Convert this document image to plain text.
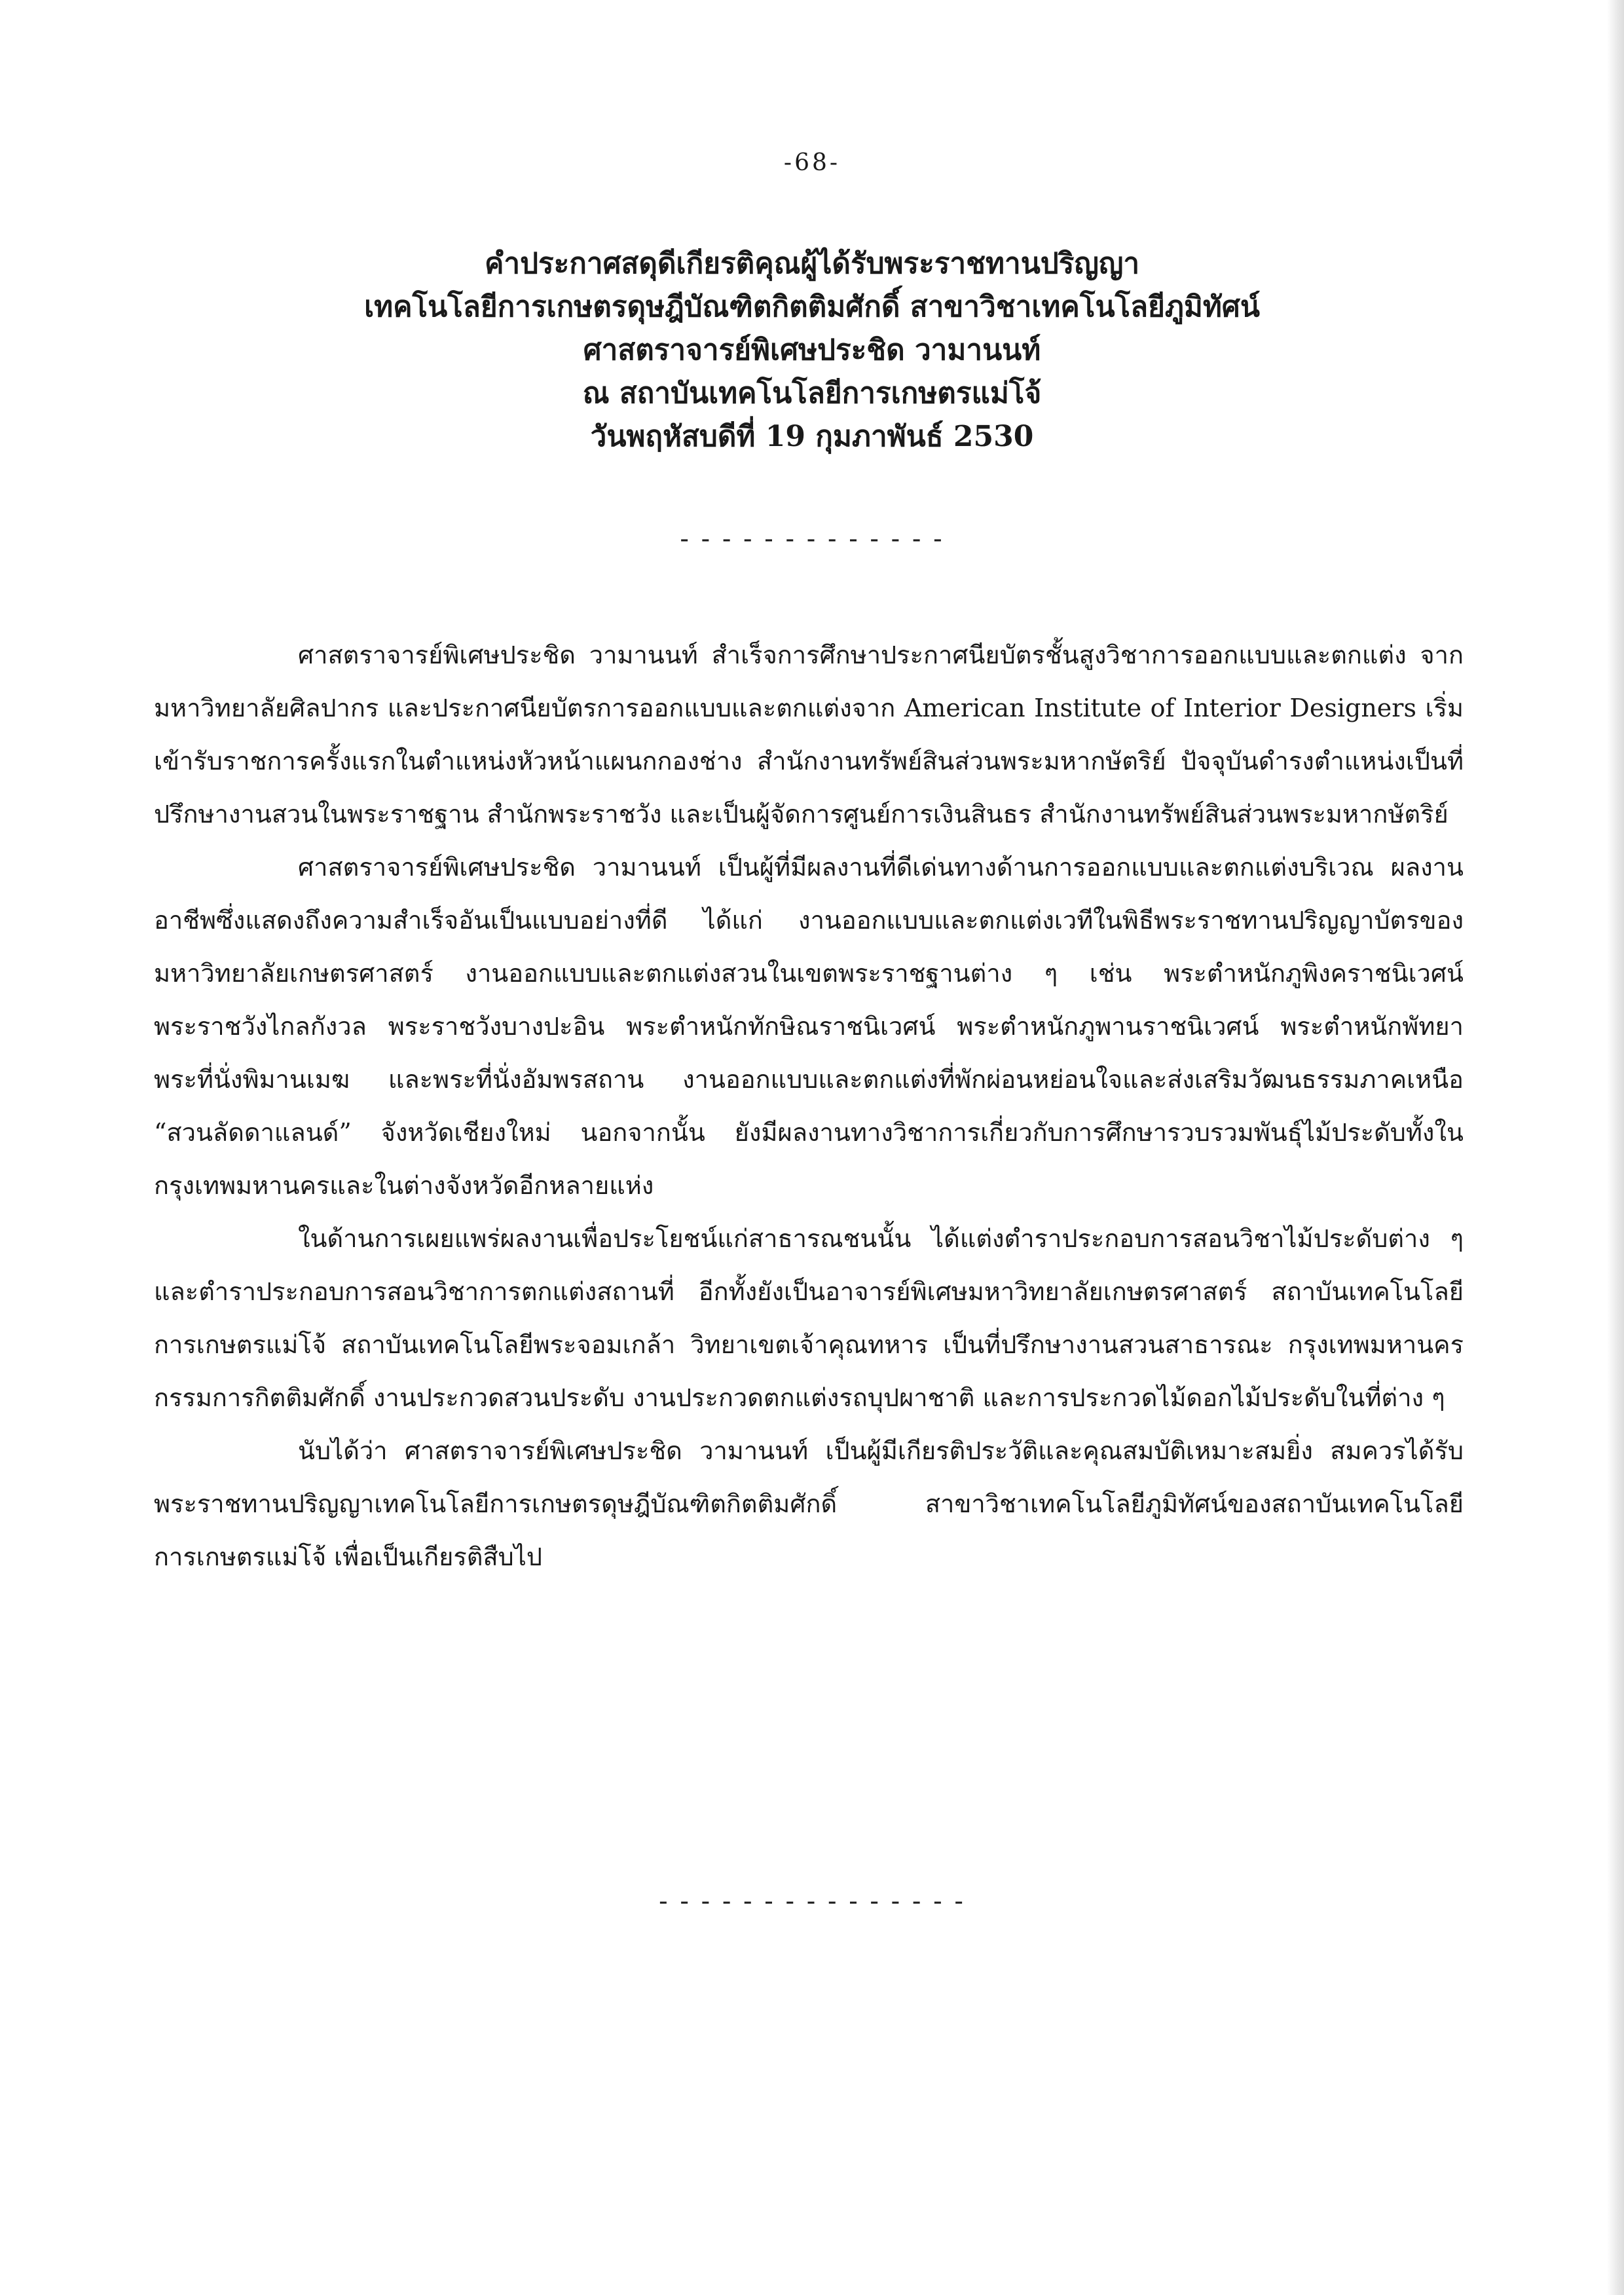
-68-
คำประกาศสดุดีเกียรติคุณผู้ได้รับพระราชทานปริญญา
เทคโนโลยีการเกษตรดุษฎีบัณฑิตกิตติมศักดิ์ สาขาวิชาเทคโนโลยีภูมิทัศน์
ศาสตราจารย์พิเศษประชิด วามานนท์
ณ สถาบันเทคโนโลยีการเกษตรแม่โจ้
วันพฤหัสบดีที่ 19 กุมภาพันธ์ 2530
- - - - - - - - - - - - -

ศาสตราจารย์พิเศษประชิด วามานนท์ สำเร็จการศึกษาประกาศนียบัตรชั้นสูงวิชาการออกแบบและตกแต่ง จากมหาวิทยาลัยศิลปากร และประกาศนียบัตรการออกแบบและตกแต่งจาก American Institute of Interior Designers เริ่มเข้ารับราชการครั้งแรกในตำแหน่งหัวหน้าแผนกกองช่าง สำนักงานทรัพย์สินส่วนพระมหากษัตริย์ ปัจจุบันดำรงตำแหน่งเป็นที่ปรึกษางานสวนในพระราชฐาน สำนักพระราชวัง และเป็นผู้จัดการศูนย์การเงินสินธร สำนักงานทรัพย์สินส่วนพระมหากษัตริย์

ศาสตราจารย์พิเศษประชิด วามานนท์ เป็นผู้ที่มีผลงานที่ดีเด่นทางด้านการออกแบบและตกแต่งบริเวณ ผลงานอาชีพซึ่งแสดงถึงความสำเร็จอันเป็นแบบอย่างที่ดี ได้แก่ งานออกแบบและตกแต่งเวทีในพิธีพระราชทานปริญญาบัตรของมหาวิทยาลัยเกษตรศาสตร์ งานออกแบบและตกแต่งสวนในเขตพระราชฐานต่าง ๆ เช่น พระตำหนักภูพิงคราชนิเวศน์ พระราชวังไกลกังวล พระราชวังบางปะอิน พระตำหนักทักษิณราชนิเวศน์ พระตำหนักภูพานราชนิเวศน์ พระตำหนักพัทยา พระที่นั่งพิมานเมฆ และพระที่นั่งอัมพรสถาน งานออกแบบและตกแต่งที่พักผ่อนหย่อนใจและส่งเสริมวัฒนธรรมภาคเหนือ “สวนลัดดาแลนด์” จังหวัดเชียงใหม่ นอกจากนั้น ยังมีผลงานทางวิชาการเกี่ยวกับการศึกษารวบรวมพันธุ์ไม้ประดับทั้งในกรุงเทพมหานครและในต่างจังหวัดอีกหลายแห่ง

ในด้านการเผยแพร่ผลงานเพื่อประโยชน์แก่สาธารณชนนั้น ได้แต่งตำราประกอบการสอนวิชาไม้ประดับต่าง ๆ และตำราประกอบการสอนวิชาการตกแต่งสถานที่ อีกทั้งยังเป็นอาจารย์พิเศษมหาวิทยาลัยเกษตรศาสตร์ สถาบันเทคโนโลยีการเกษตรแม่โจ้ สถาบันเทคโนโลยีพระจอมเกล้า วิทยาเขตเจ้าคุณทหาร เป็นที่ปรึกษางานสวนสาธารณะ กรุงเทพมหานคร กรรมการกิตติมศักดิ์ งานประกวดสวนประดับ งานประกวดตกแต่งรถบุปผาชาติ และการประกวดไม้ดอกไม้ประดับในที่ต่าง ๆ

นับได้ว่า ศาสตราจารย์พิเศษประชิด วามานนท์ เป็นผู้มีเกียรติประวัติและคุณสมบัติเหมาะสมยิ่ง สมควรได้รับพระราชทานปริญญาเทคโนโลยีการเกษตรดุษฎีบัณฑิตกิตติมศักดิ์ สาขาวิชาเทคโนโลยีภูมิทัศน์ของสถาบันเทคโนโลยีการเกษตรแม่โจ้ เพื่อเป็นเกียรติสืบไป

- - - - - - - - - - - - - - -
